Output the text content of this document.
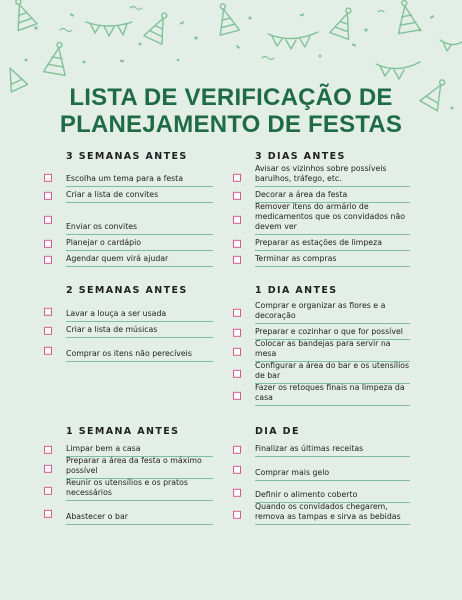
LISTA DE VERIFICAÇÃO DE
PLANEJAMENTO DE FESTAS
3 SEMANAS ANTES
Escolha um tema para a festa
Criar a lista de convites
Enviar os convites
Planejar o cardápio
Agendar quem virá ajudar
3 DIAS ANTES
Avisar os vizinhos sobre possíveis barulhos, tráfego, etc.
Decorar a área da festa
Remover itens do armário de medicamentos que os convidados não devem ver
Preparar as estações de limpeza
Terminar as compras
2 SEMANAS ANTES
Lavar a louça a ser usada
Criar a lista de músicas
Comprar os itens não perecíveis
1 DIA ANTES
Comprar e organizar as flores e a decoração
Preparar e cozinhar o que for possível
Colocar as bandejas para servir na mesa
Configurar a área do bar e os utensílios de bar
Fazer os retoques finais na limpeza da casa
1 SEMANA ANTES
Limpar bem a casa
Preparar a área da festa o máximo possível
Reunir os utensílios e os pratos necessários
Abastecer o bar
DIA DE
Finalizar as últimas receitas
Comprar mais gelo
Definir o alimento coberto
Quando os convidados chegarem, remova as tampas e sirva as bebidas
